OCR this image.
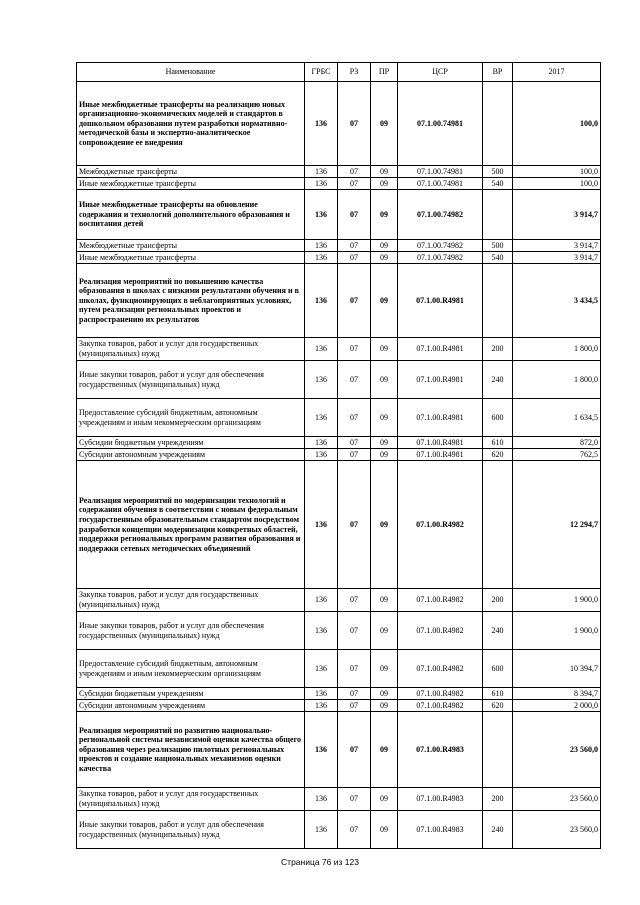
Наименование	ГРБС	РЗ	ПР	ЦСР	ВР	2017
Иные межбюджетные трансферты на реализацию новых организационно-экономических моделей и стандартов в дошкольном образовании путем разработки нормативно-методической базы и экспертно-аналитическое сопровождение ее внедрения	136	07	09	07.1.00.74981		100,0
Межбюджетные трансферты	136	07	09	07.1.00.74981	500	100,0
Иные межбюджетные трансферты	136	07	09	07.1.00.74981	540	100,0
Иные межбюджетные трансферты на обновление содержания и технологий дополнительного образования и воспитания детей	136	07	09	07.1.00.74982		3 914,7
Межбюджетные трансферты	136	07	09	07.1.00.74982	500	3 914,7
Иные межбюджетные трансферты	136	07	09	07.1.00.74982	540	3 914,7
Реализация мероприятий по повышению качества образования в школах с низкими результатами обучения и в школах, функционирующих в неблагоприятных условиях, путем реализации региональных проектов и распространению их результатов	136	07	09	07.1.00.R4981		3 434,5
Закупка товаров, работ и услуг для государственных (муниципальных) нужд	136	07	09	07.1.00.R4981	200	1 800,0
Иные закупки товаров, работ и услуг для обеспечения государственных (муниципальных) нужд	136	07	09	07.1.00.R4981	240	1 800,0
Предоставление субсидий бюджетным, автономным учреждениям и иным некоммерческим организациям	136	07	09	07.1.00.R4981	600	1 634,5
Субсидии бюджетным учреждениям	136	07	09	07.1.00.R4981	610	872,0
Субсидии автономным учреждениям	136	07	09	07.1.00.R4981	620	762,5
Реализация мероприятий по модернизации технологий и содержания обучения в соответствии с новым федеральным государственным образовательным стандартом посредством разработки концепции модернизации конкретных областей, поддержки региональных программ развития образования и поддержки сетевых методических объединений	136	07	09	07.1.00.R4982		12 294,7
Закупка товаров, работ и услуг для государственных (муниципальных) нужд	136	07	09	07.1.00.R4982	200	1 900,0
Иные закупки товаров, работ и услуг для обеспечения государственных (муниципальных) нужд	136	07	09	07.1.00.R4982	240	1 900,0
Предоставление субсидий бюджетным, автономным учреждениям и иным некоммерческим организациям	136	07	09	07.1.00.R4982	600	10 394,7
Субсидии бюджетным учреждениям	136	07	09	07.1.00.R4982	610	8 394,7
Субсидии автономным учреждениям	136	07	09	07.1.00.R4982	620	2 000,0
Реализация мероприятий по развитию национально-региональной системы независимой оценки качества общего образования через реализацию пилотных региональных проектов и создание национальных механизмов оценки качества	136	07	09	07.1.00.R4983		23 560,0
Закупка товаров, работ и услуг для государственных (муниципальных) нужд	136	07	09	07.1.00.R4983	200	23 560,0
Иные закупки товаров, работ и услуг для обеспечения государственных (муниципальных) нужд	136	07	09	07.1.00.R4983	240	23 560,0
Страница 76 из 123
